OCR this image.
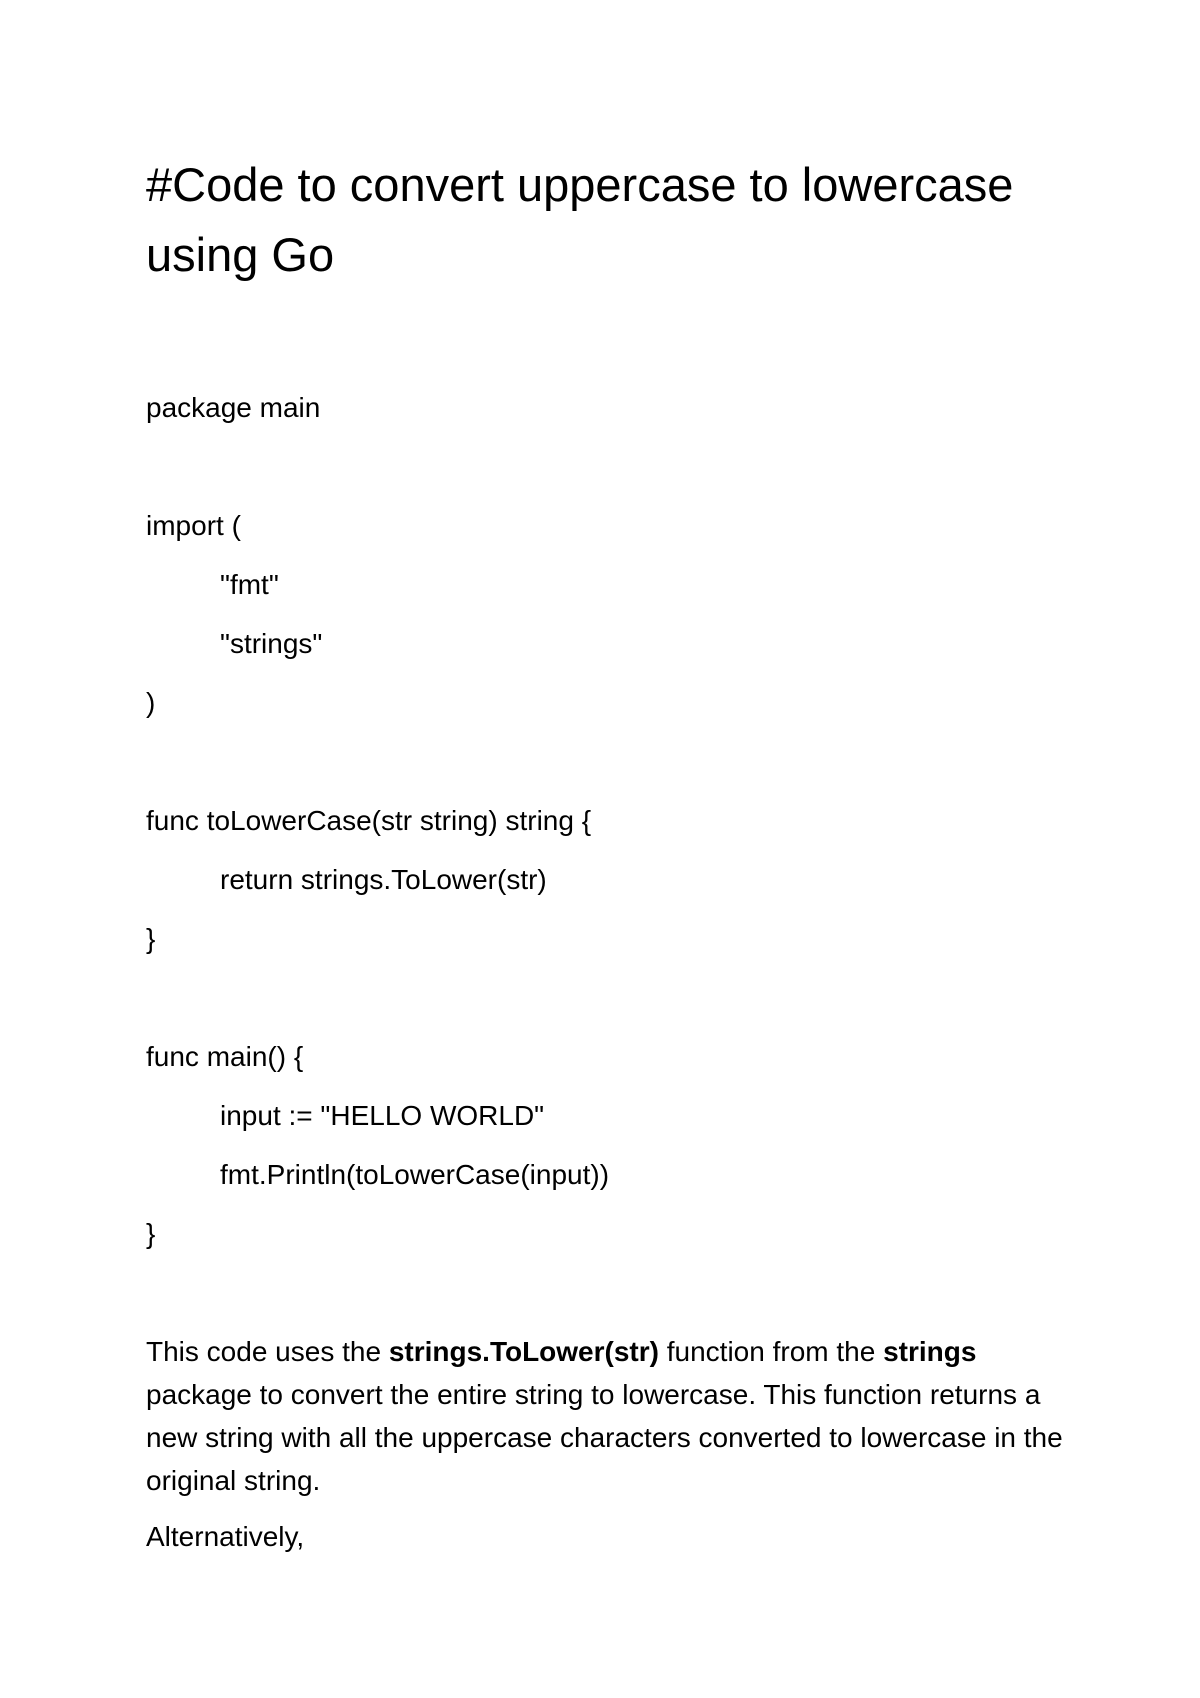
#Code to convert uppercase to lowercase using Go
package main
import (
"fmt"
"strings"
)
func toLowerCase(str string) string {
return strings.ToLower(str)
}
func main() {
input := "HELLO WORLD"
fmt.Println(toLowerCase(input))
}

This code uses the strings.ToLower(str) function from the strings package to convert the entire string to lowercase. This function returns a new string with all the uppercase characters converted to lowercase in the original string.

Alternatively,
